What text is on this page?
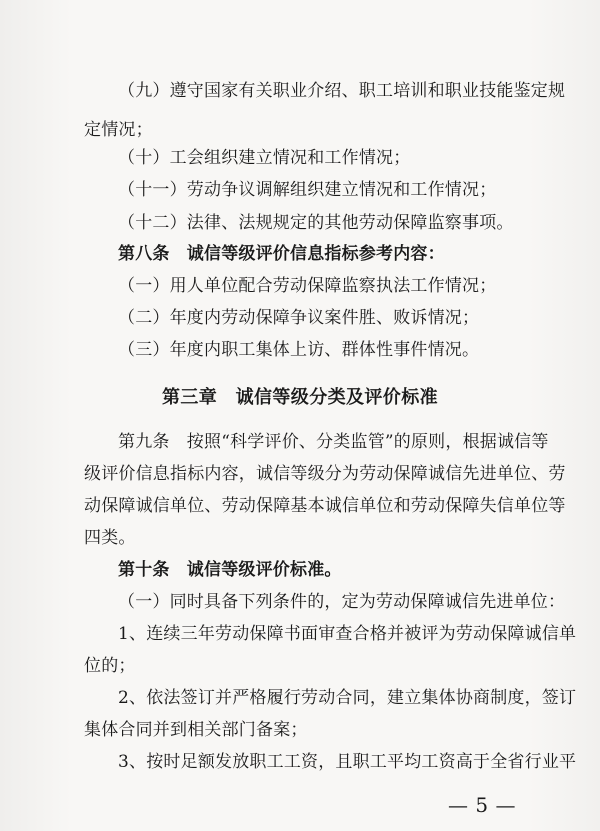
（九）遵守国家有关职业介绍、职工培训和职业技能鉴定规
定情况；
（十）工会组织建立情况和工作情况；
（十一）劳动争议调解组织建立情况和工作情况；
（十二）法律、法规规定的其他劳动保障监察事项。
第八条　诚信等级评价信息指标参考内容：
（一）用人单位配合劳动保障监察执法工作情况；
（二）年度内劳动保障争议案件胜、败诉情况；
（三）年度内职工集体上访、群体性事件情况。
第三章　诚信等级分类及评价标准
第九条　按照“科学评价、分类监管”的原则，根据诚信等
级评价信息指标内容，诚信等级分为劳动保障诚信先进单位、劳
动保障诚信单位、劳动保障基本诚信单位和劳动保障失信单位等
四类。
第十条　诚信等级评价标准。
（一）同时具备下列条件的，定为劳动保障诚信先进单位：
1、连续三年劳动保障书面审查合格并被评为劳动保障诚信单
位的；
2、依法签订并严格履行劳动合同，建立集体协商制度，签订
集体合同并到相关部门备案；
3、按时足额发放职工工资，且职工平均工资高于全省行业平
— 5 —
